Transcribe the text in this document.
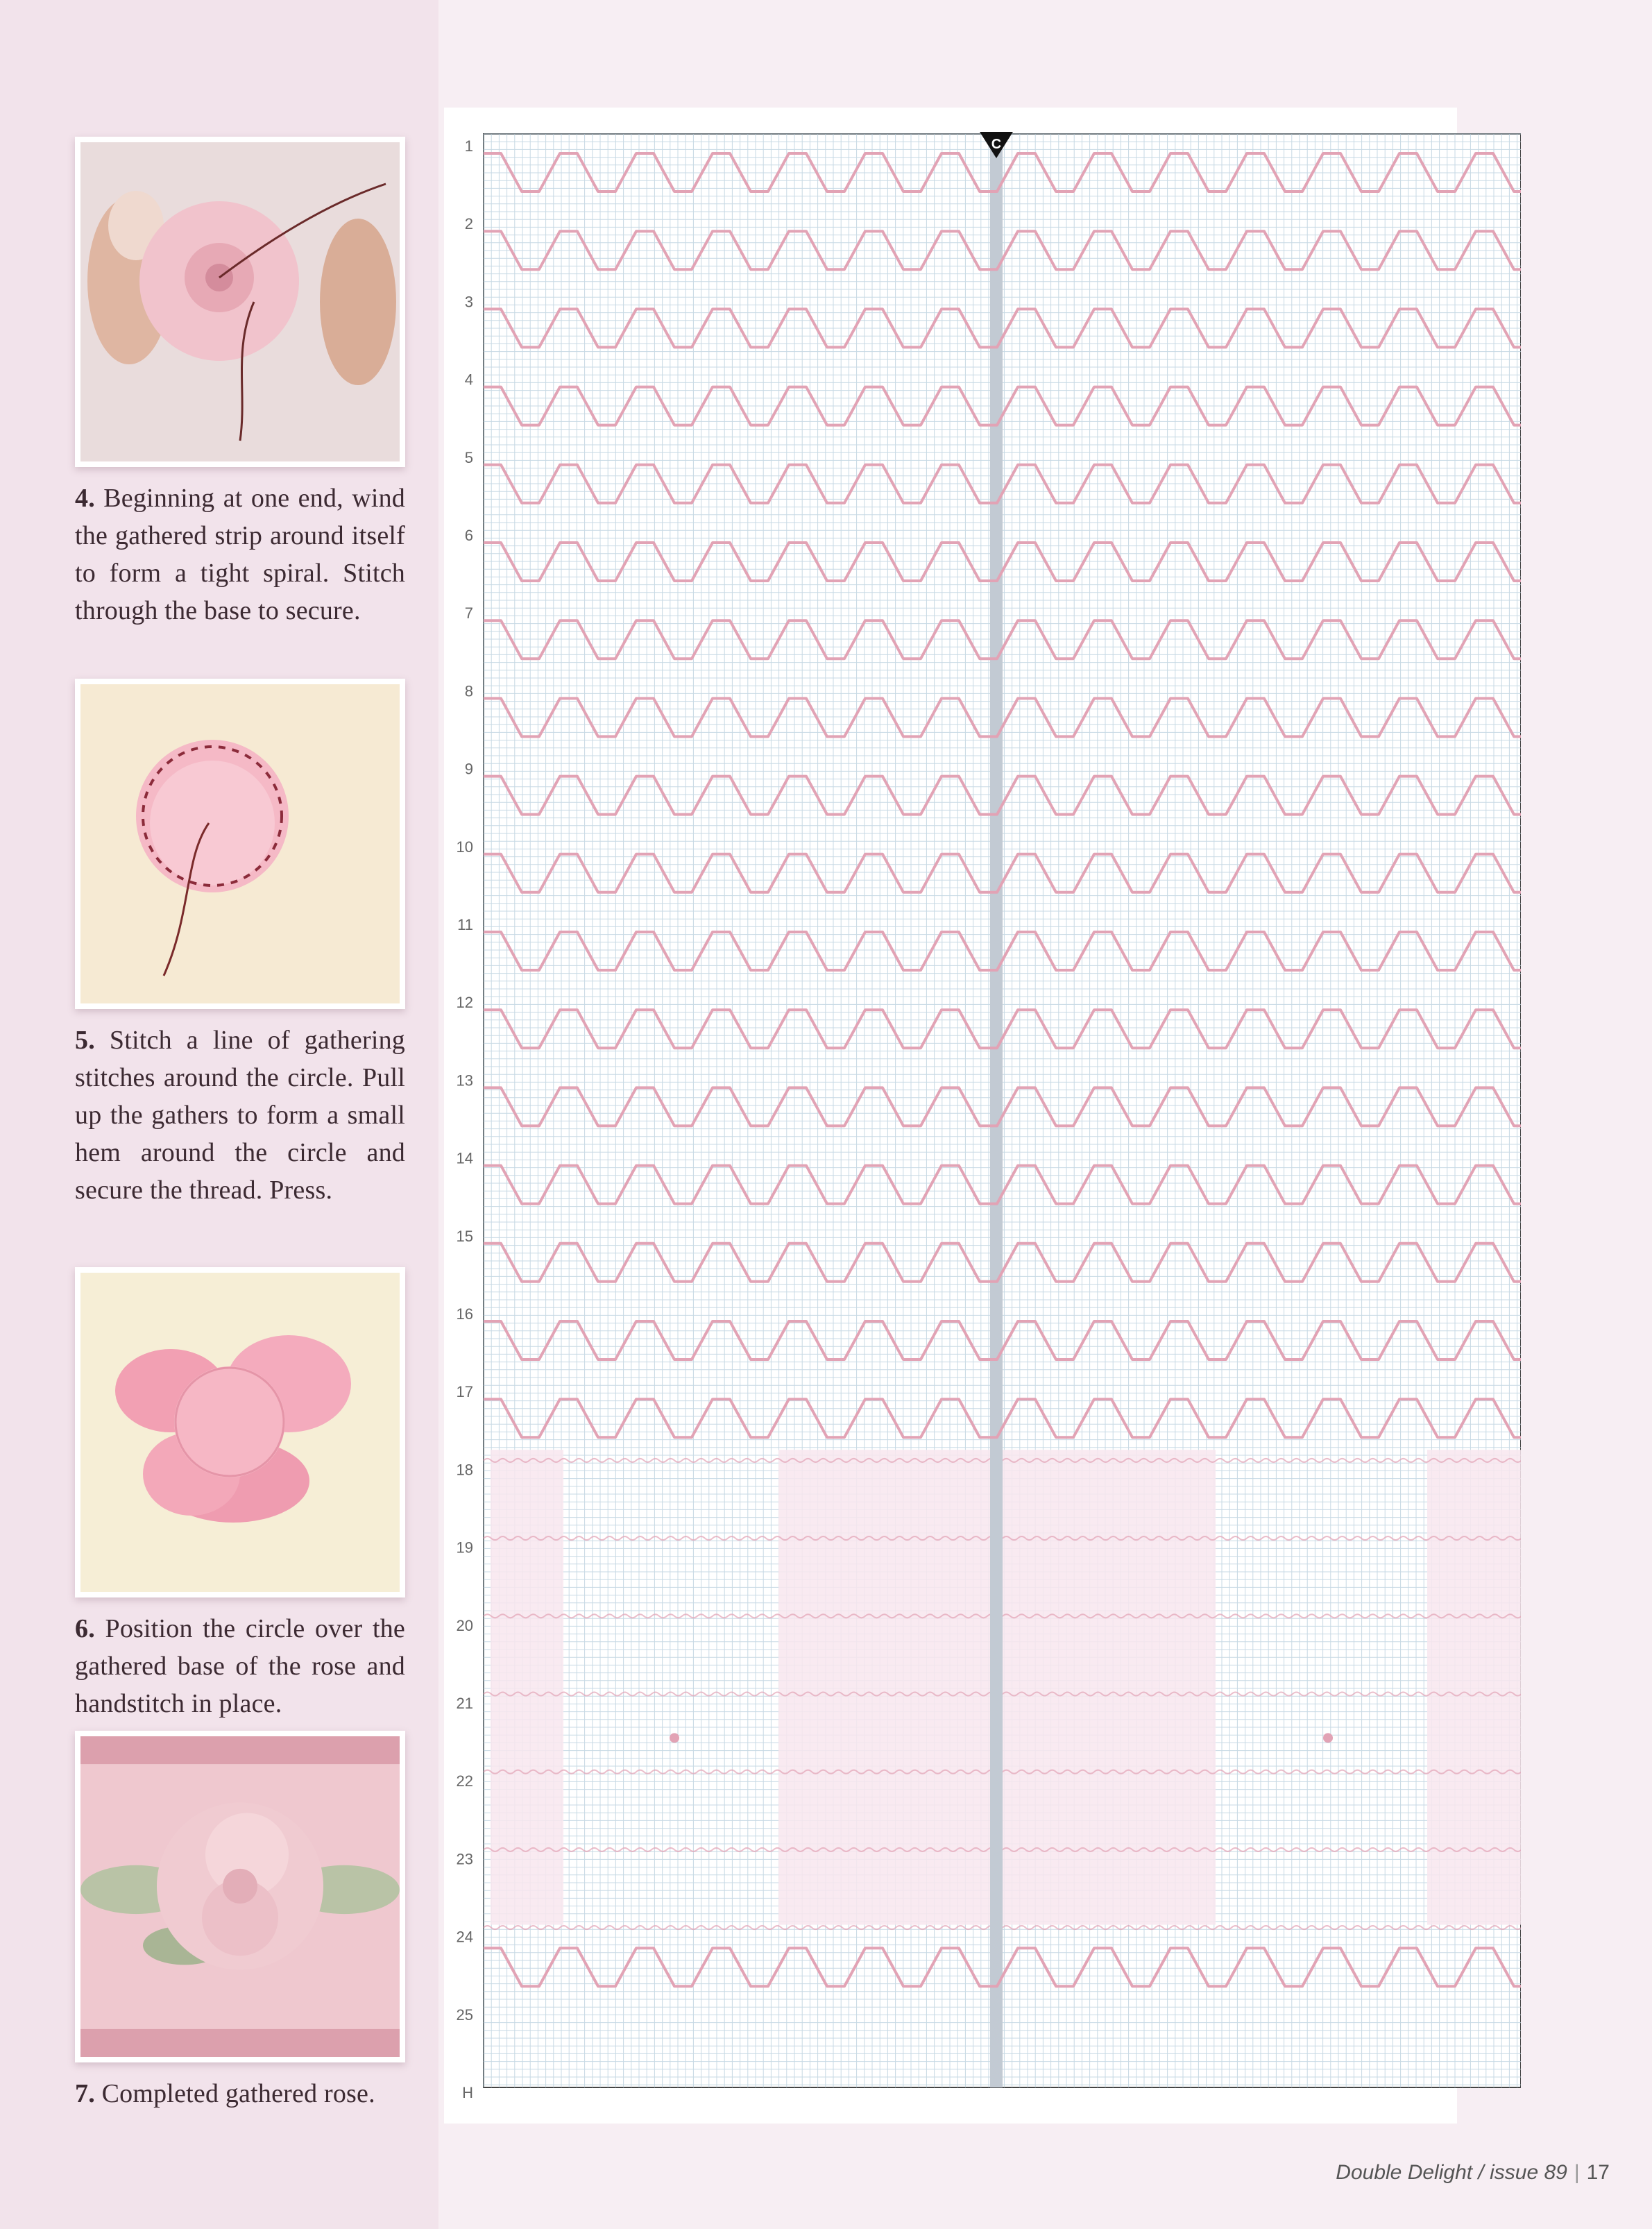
4. Beginning at one end, wind the gathered strip around itself to form a tight spiral. Stitch through the base to secure.
5. Stitch a line of gathering stitches around the circle. Pull up the gathers to form a small hem around the circle and secure the thread. Press.
6. Position the circle over the gathered base of the rose and handstitch in place.
7. Completed gathered rose.
1
2
3
4
5
6
7
8
9
10
11
12
13
14
15
16
17
18
19
20
21
22
23
24
25
H
C
Double Delight / issue 89 | 17
